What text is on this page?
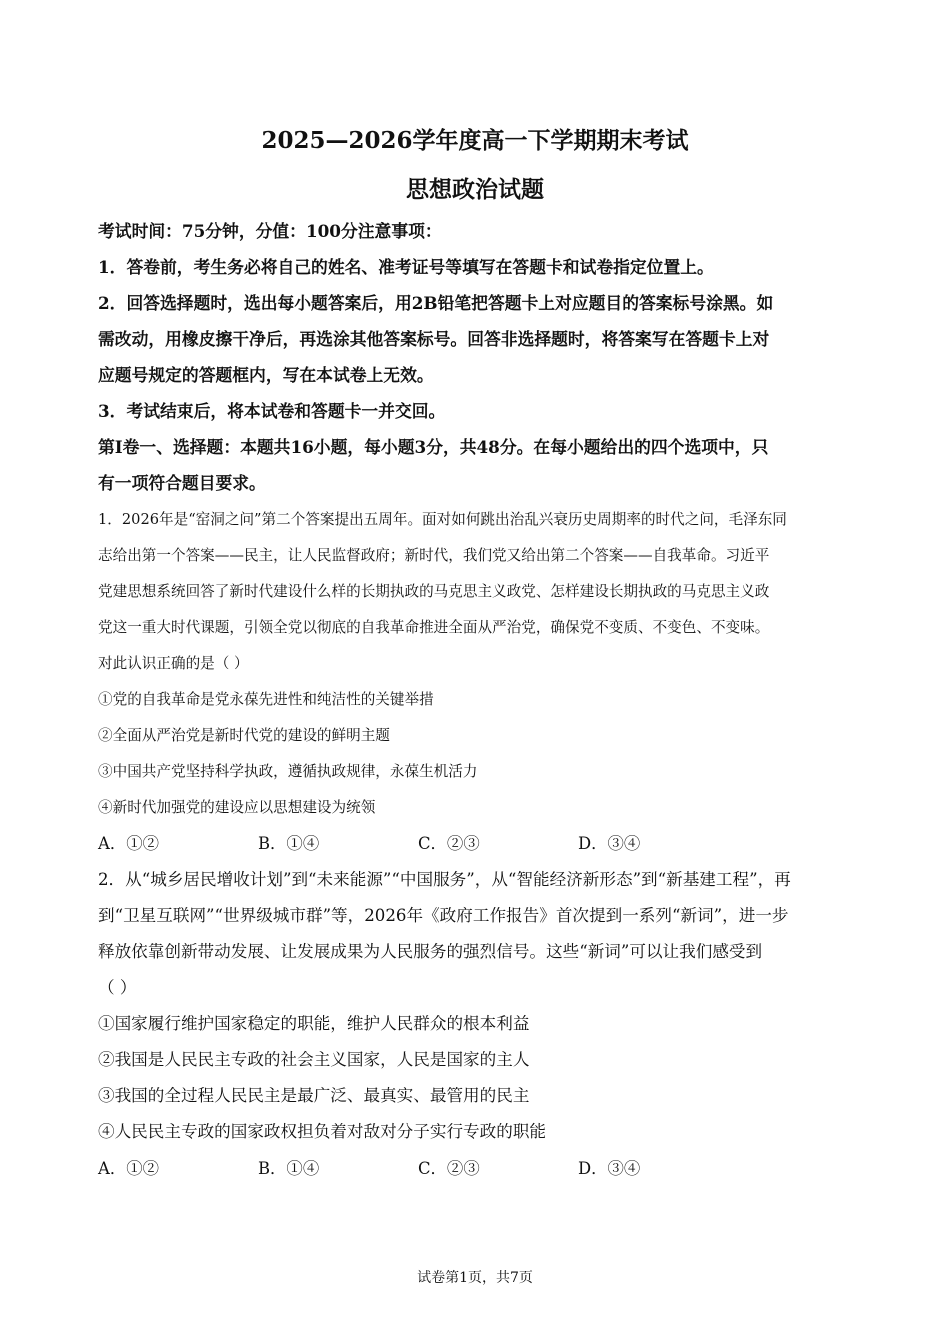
2025—2026学年度高一下学期期末考试
思想政治试题
考试时间：75分钟，分值：100分注意事项：
1．答卷前，考生务必将自己的姓名、准考证号等填写在答题卡和试卷指定位置上。
2．回答选择题时，选出每小题答案后，用2B铅笔把答题卡上对应题目的答案标号涂黑。如
需改动，用橡皮擦干净后，再选涂其他答案标号。回答非选择题时，将答案写在答题卡上对
应题号规定的答题框内，写在本试卷上无效。
3．考试结束后，将本试卷和答题卡一并交回。
第Ⅰ卷一、选择题：本题共16小题，每小题3分，共48分。在每小题给出的四个选项中，只
有一项符合题目要求。
1．2026年是“窑洞之问”第二个答案提出五周年。面对如何跳出治乱兴衰历史周期率的时代之问，毛泽东同
志给出第一个答案——民主，让人民监督政府；新时代，我们党又给出第二个答案——自我革命。习近平
党建思想系统回答了新时代建设什么样的长期执政的马克思主义政党、怎样建设长期执政的马克思主义政
党这一重大时代课题，引领全党以彻底的自我革命推进全面从严治党，确保党不变质、不变色、不变味。
对此认识正确的是（ ）
①党的自我革命是党永葆先进性和纯洁性的关键举措
②全面从严治党是新时代党的建设的鲜明主题
③中国共产党坚持科学执政，遵循执政规律，永葆生机活力
④新时代加强党的建设应以思想建设为统领
A．①②	B．①④	C．②③	D．③④
2．从“城乡居民增收计划”到“未来能源”“中国服务”，从“智能经济新形态”到“新基建工程”，再
到“卫星互联网”“世界级城市群”等，2026年《政府工作报告》首次提到一系列“新词”，进一步
释放依靠创新带动发展、让发展成果为人民服务的强烈信号。这些“新词”可以让我们感受到
（ ）
①国家履行维护国家稳定的职能，维护人民群众的根本利益
②我国是人民民主专政的社会主义国家，人民是国家的主人
③我国的全过程人民民主是最广泛、最真实、最管用的民主
④人民民主专政的国家政权担负着对敌对分子实行专政的职能
A．①②	B．①④	C．②③	D．③④
试卷第1页，共7页
